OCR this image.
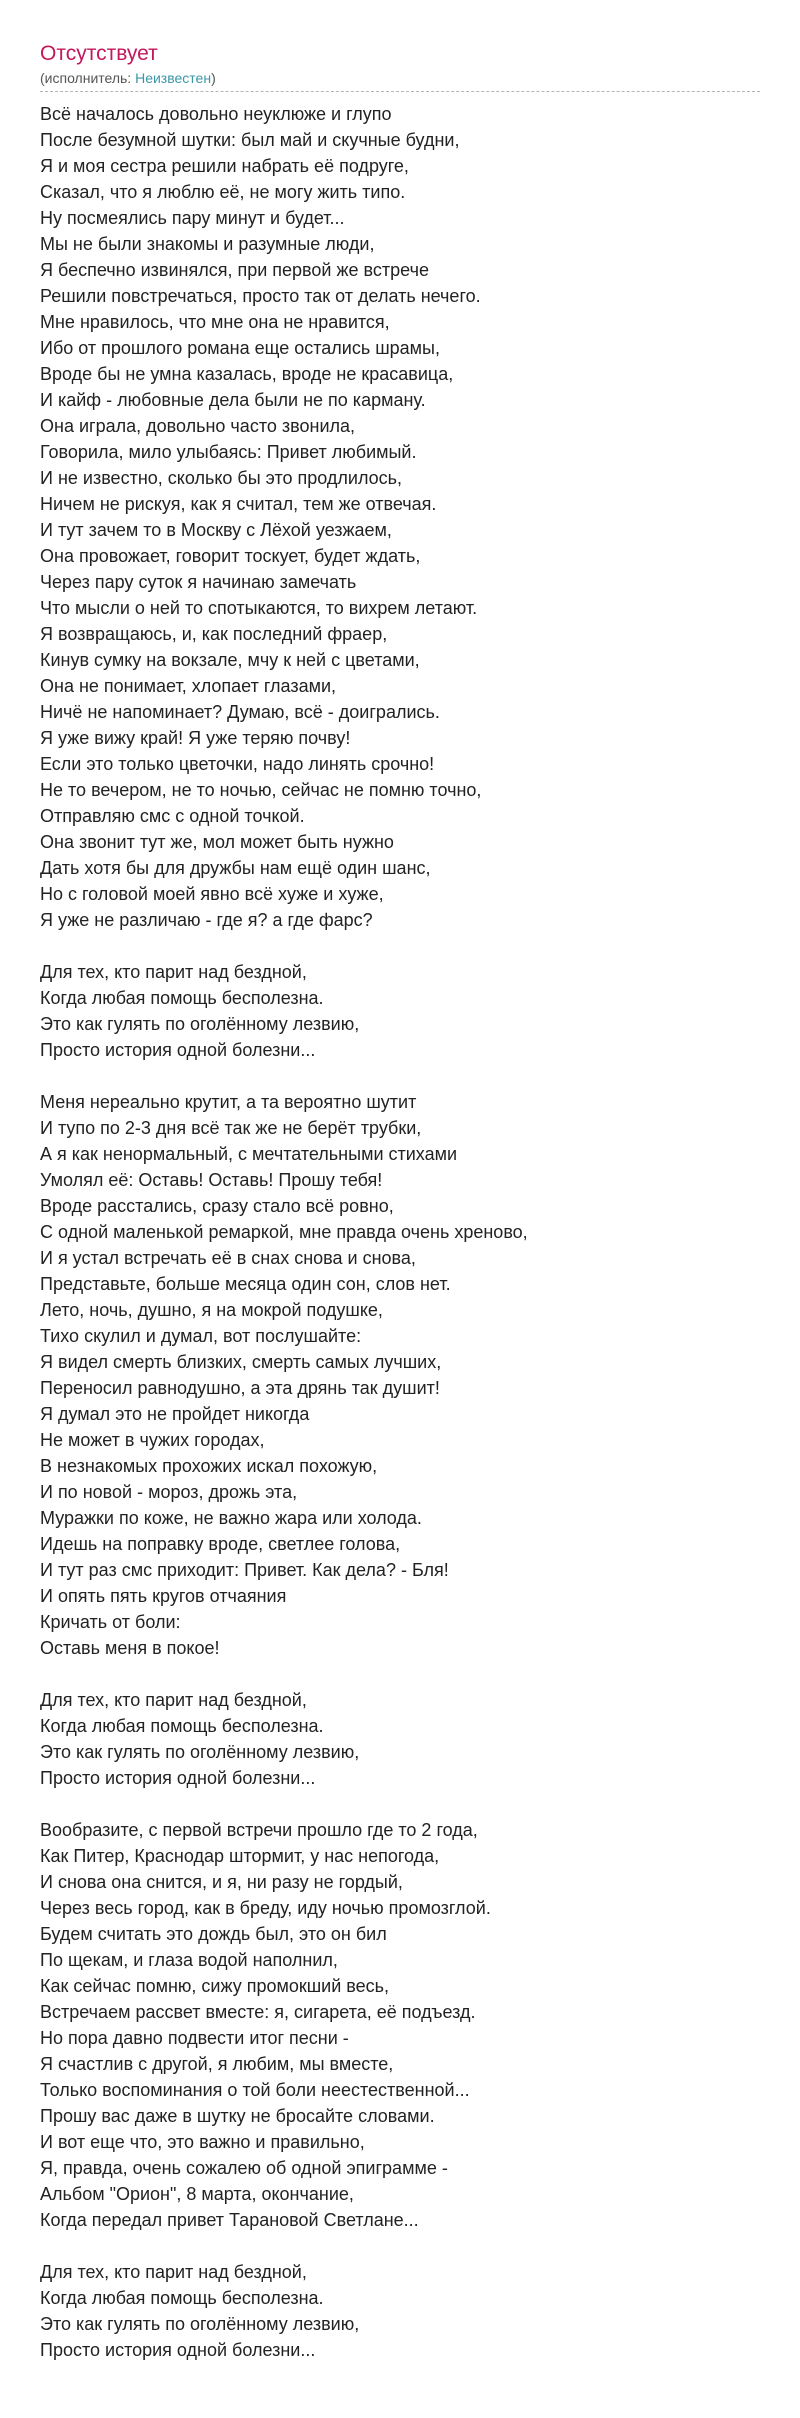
Отсутствует
(исполнитель: Неизвестен)
Всё началось довольно неуклюже и глупо
После безумной шутки: был май и скучные будни,
Я и моя сестра решили набрать её подруге,
Сказал, что я люблю её, не могу жить типо.
Ну посмеялись пару минут и будет...
Мы не были знакомы и разумные люди,
Я беспечно извинялся, при первой же встрече
Решили повстречаться, просто так от делать нечего.
Мне нравилось, что мне она не нравится,
Ибо от прошлого романа еще остались шрамы,
Вроде бы не умна казалась, вроде не красавица,
И кайф - любовные дела были не по карману.
Она играла, довольно часто звонила,
Говорила, мило улыбаясь: Привет любимый.
И не известно, сколько бы это продлилось,
Ничем не рискуя, как я считал, тем же отвечая.
И тут зачем то в Москву с Лёхой уезжаем,
Она провожает, говорит тоскует, будет ждать,
Через пару суток я начинаю замечать
Что мысли о ней то спотыкаются, то вихрем летают.
Я возвращаюсь, и, как последний фраер,
Кинув сумку на вокзале, мчу к ней с цветами,
Она не понимает, хлопает глазами,
Ничё не напоминает? Думаю, всё - доигрались.
Я уже вижу край! Я уже теряю почву!
Если это только цветочки, надо линять срочно!
Не то вечером, не то ночью, сейчас не помню точно,
Отправляю смс с одной точкой.
Она звонит тут же, мол может быть нужно
Дать хотя бы для дружбы нам ещё один шанс,
Но с головой моей явно всё хуже и хуже,
Я уже не различаю - где я? а где фарс?
Для тех, кто парит над бездной,
Когда любая помощь бесполезна.
Это как гулять по оголённому лезвию,
Просто история одной болезни...
Меня нереально крутит, а та вероятно шутит
И тупо по 2-3 дня всё так же не берёт трубки,
А я как ненормальный, с мечтательными стихами
Умолял её: Оставь! Оставь! Прошу тебя!
Вроде расстались, сразу стало всё ровно,
С одной маленькой ремаркой, мне правда очень хреново,
И я устал встречать её в снах снова и снова,
Представьте, больше месяца один сон, слов нет.
Лето, ночь, душно, я на мокрой подушке,
Тихо скулил и думал, вот послушайте:
Я видел смерть близких, смерть самых лучших,
Переносил равнодушно, а эта дрянь так душит!
Я думал это не пройдет никогда
Не может в чужих городах,
В незнакомых прохожих искал похожую,
И по новой - мороз, дрожь эта,
Муражки по коже, не важно жара или холода.
Идешь на поправку вроде, светлее голова,
И тут раз смс приходит: Привет. Как дела? - Бля!
И опять пять кругов отчаяния
Кричать от боли:
Оставь меня в покое!
Для тех, кто парит над бездной,
Когда любая помощь бесполезна.
Это как гулять по оголённому лезвию,
Просто история одной болезни...
Вообразите, с первой встречи прошло где то 2 года,
Как Питер, Краснодар штормит, у нас непогода,
И снова она снится, и я, ни разу не гордый,
Через весь город, как в бреду, иду ночью промозглой.
Будем считать это дождь был, это он бил
По щекам, и глаза водой наполнил,
Как сейчас помню, сижу промокший весь,
Встречаем рассвет вместе: я, сигарета, её подъезд.
Но пора давно подвести итог песни -
Я счастлив с другой, я любим, мы вместе,
Только воспоминания о той боли неестественной...
Прошу вас даже в шутку не бросайте словами.
И вот еще что, это важно и правильно,
Я, правда, очень сожалею об одной эпиграмме -
Альбом "Орион", 8 марта, окончание,
Когда передал привет Тарановой Светлане...
Для тех, кто парит над бездной,
Когда любая помощь бесполезна.
Это как гулять по оголённому лезвию,
Просто история одной болезни...
